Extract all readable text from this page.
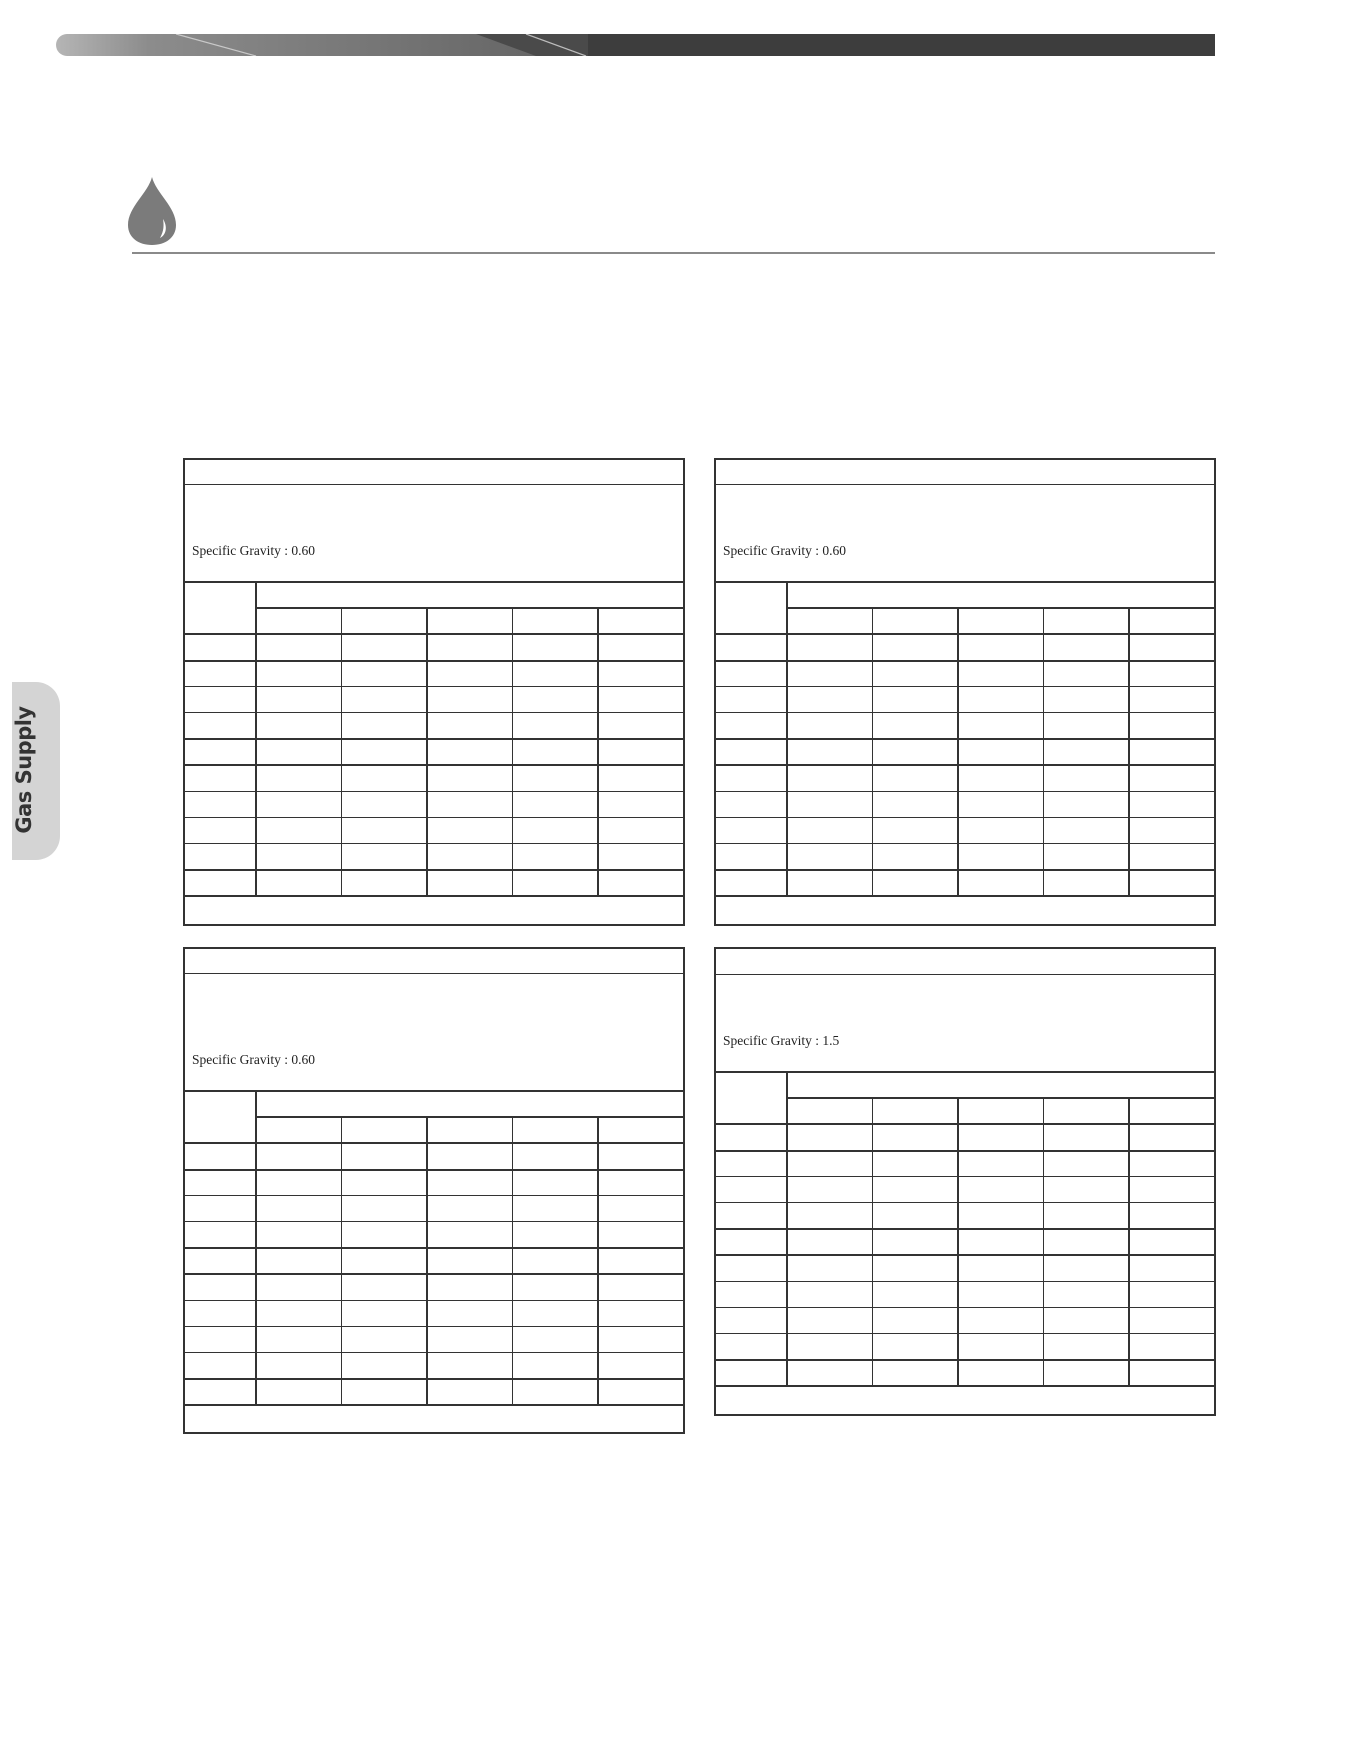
Gas Supply
Specific Gravity : 0.60	Specific Gravity : 0.60
Specific Gravity : 0.60
Specific Gravity : 1.5
